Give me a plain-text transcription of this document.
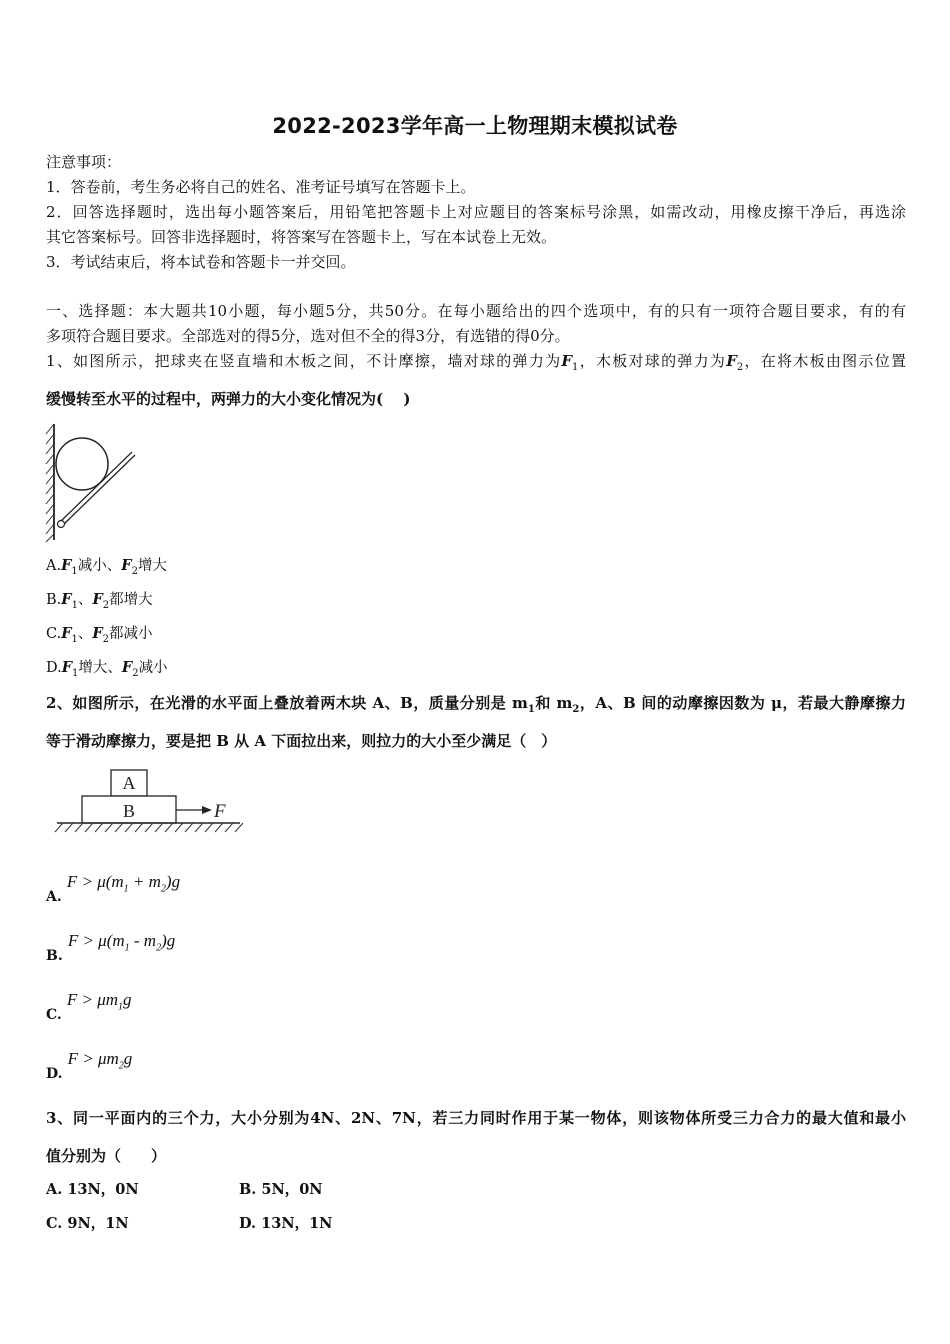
2022-2023学年高一上物理期末模拟试卷
注意事项：
1．答卷前，考生务必将自己的姓名、准考证号填写在答题卡上。
2．回答选择题时，选出每小题答案后，用铅笔把答题卡上对应题目的答案标号涂黑，如需改动，用橡皮擦干净后，再选涂
其它答案标号。回答非选择题时，将答案写在答题卡上，写在本试卷上无效。
3．考试结束后，将本试卷和答题卡一并交回。
一、选择题：本大题共10小题，每小题5分，共50分。在每小题给出的四个选项中，有的只有一项符合题目要求，有的有
多项符合题目要求。全部选对的得5分，选对但不全的得3分，有选错的得0分。
1、如图所示，把球夹在竖直墙和木板之间，不计摩擦，墙对球的弹力为$F_1$，木板对球的弹力为$F_2$，在将木板由图示位置
缓慢转至水平的过程中，两弹力的大小变化情况为(　 )
$A.F_1$减小、$F_2$增大
$B.F_1$、$F_2$都增大
$C.F_1$、$F_2$都减小
$D.F_1$增大、$F_2$减小
2、如图所示，在光滑的水平面上叠放着两木块 A、B，质量分别是 $m_1$和 $m_2$，A、B 间的动摩擦因数为 μ，若最大静摩擦力
等于滑动摩擦力，要是把 B 从 A 下面拉出来，则拉力的大小至少满足（　）
A
B	F
A. $F > \mu(m_1 + m_2)g$
B. $F > \mu(m_1 - m_2)g$
C. $F > \mu m_1g$
D. $F > \mu m_2g$
3、同一平面内的三个力，大小分别为4N、2N、7N，若三力同时作用于某一物体，则该物体所受三力合力的最大值和最小
值分别为（　　）
A. 13N，0N	B. 5N，0N
C. 9N，1N	D. 13N，1N
